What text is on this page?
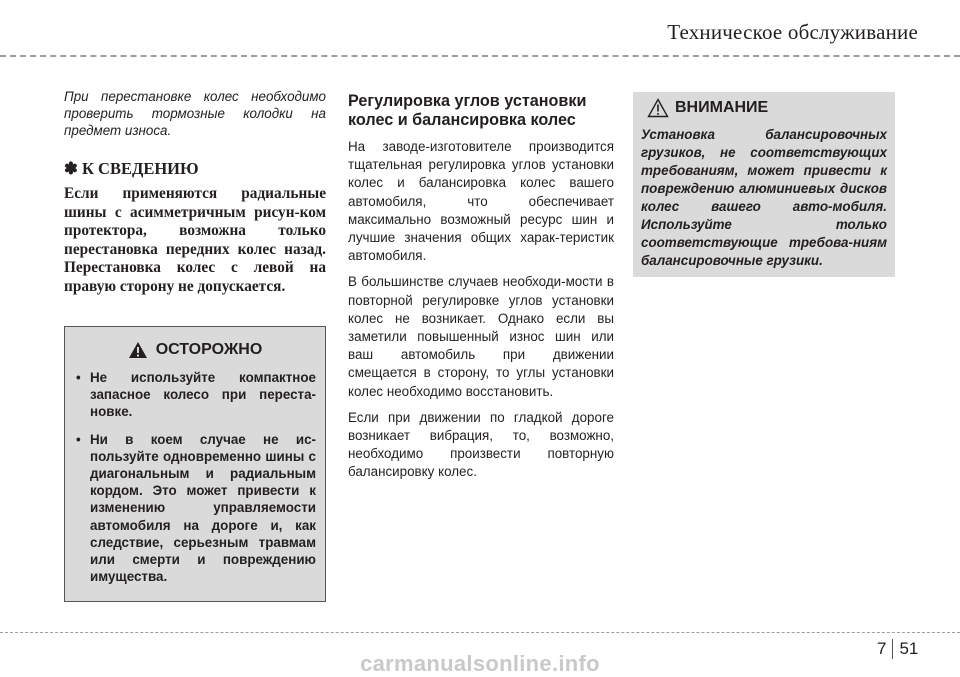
Техническое обслуживание

При перестановке колес необходимо проверить тормозные колодки на предмет износа.

✽ К СВЕДЕНИЮ

Если применяются радиальные шины с асимметричным рисун-ком протектора, возможна только перестановка передних колес назад. Перестановка колес с левой на правую сторону не допускается.

ОСТОРОЖНО
• Не используйте компактное запасное колесо при переста-новке.
• Ни в коем случае не ис-пользуйте одновременно шины с диагональным и радиальным кордом. Это может привести к изменению управляемости автомобиля на дороге и, как следствие, серьезным травмам или смерти и повреждению имущества.
Регулировка углов установки колес и балансировка колес

На заводе-изготовителе производится тщательная регулировка углов установки колес и балансировка колес вашего автомобиля, что обеспечивает максимально возможный ресурс шин и лучшие значения общих харак-теристик автомобиля.

В большинстве случаев необходи-мости в повторной регулировке углов установки колес не возникает. Однако если вы заметили повышенный износ шин или ваш автомобиль при движении смещается в сторону, то углы установки колес необходимо восстановить.

Если при движении по гладкой дороге возникает вибрация, то, возможно, необходимо произвести повторную балансировку колес.

ВНИМАНИЕ

Установка балансировочных грузиков, не соответствующих требованиям, может привести к повреждению алюминиевых дисков колес вашего авто-мобиля. Используйте только соответствующие требова-ниям балансировочные грузики.

7 51
carmanualsonline.info
